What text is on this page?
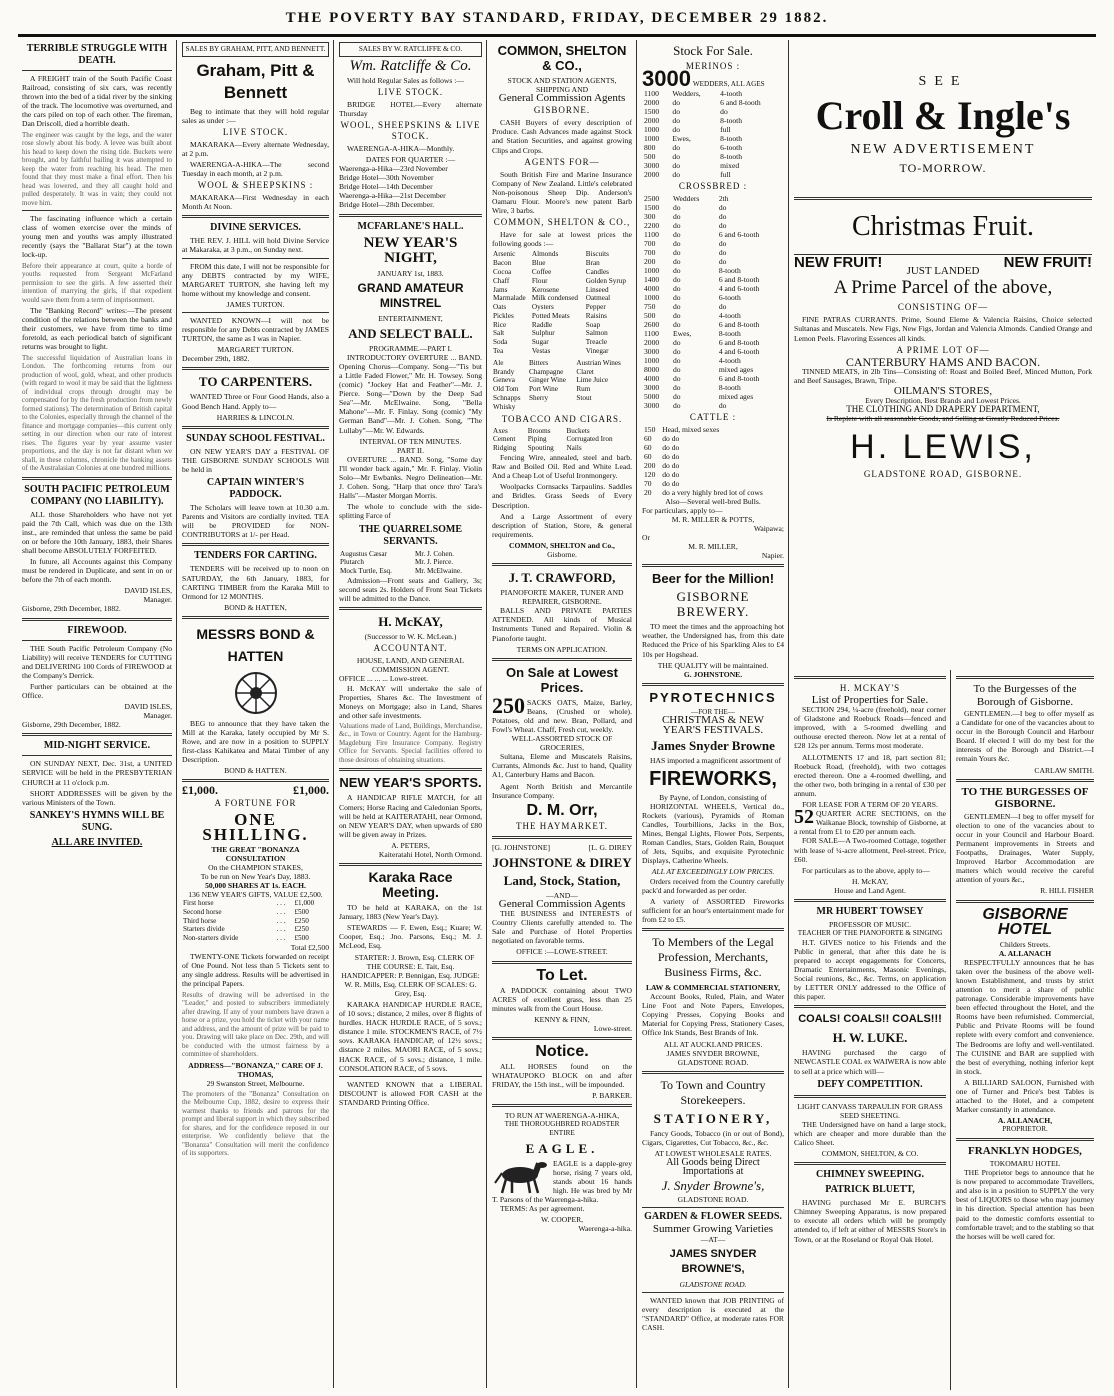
THE POVERTY BAY STANDARD, FRIDAY, DECEMBER 29 1882.
TERRIBLE STRUGGLE WITH DEATH.

A FREIGHT train of the South Pacific Coast Railroad, consisting of six cars, was recently thrown into the bed of a tidal river by the sinking of the track. The locomotive was overturned, and the cars piled on top of each other. The fireman, Dan Driscoll, died a horrible death.

The engineer was caught by the legs, and the water rose slowly about his body. A levee was built about his head to keep down the rising tide. Buckets were brought, and by faithful bailing it was attempted to keep the water from reaching his head. The men found that they must make a final effort. Then his head was lowered, and they all caught hold and pulled desperately. It was in vain; they could not move him.

The fascinating influence which a certain class of women exercise over the minds of young men and youths was amply illustrated recently (says the "Ballarat Star") at the town lock-up.

Before their appearance at court, quite a horde of youths requested from Sergeant McFarland permission to see the girls. A few asserted their intention of marrying the girls, if that expedient would save them from a term of imprisonment.

The "Banking Record" writes:—The present condition of the relations between the banks and their customers, we have from time to time foretold, as each periodical batch of significant returns was brought to light.

The successful liquidation of Australian loans in London. The forthcoming returns from our production of wool, gold, wheat, and other products (with regard to wool it may be said that the lightness of individual crops through drought may be compensated for by the fresh production from newly formed stations). The determination of British capital to the Colonies, especially through the channel of the finance and mortgage companies—this current only setting in our direction when our rate of interest rises. The figures year by year assume vaster proportions, and the day is not far distant when we shall, in these columns, chronicle the banking assets of the Australasian Colonies at one hundred millions.
SOUTH PACIFIC PETROLEUM COMPANY (NO LIABILITY).

ALL those Shareholders who have not yet paid the 7th Call, which was due on the 13th inst., are reminded that unless the same be paid on or before the 10th January, 1883, their Shares shall become ABSOLUTELY FORFEITED.

In future, all Accounts against this Company must be rendered in Duplicate, and sent in on or before the 7th of each month.

DAVID ISLES,
Manager.
Gisborne, 29th December, 1882.
FIREWOOD.

THE South Pacific Petroleum Company (No Liability) will receive TENDERS for CUTTING and DELIVERING 100 Cords of FIREWOOD at the Company's Derrick.

Further particulars can be obtained at the Office.

DAVID ISLES,
Manager.
Gisborne, 29th December, 1882.
MID-NIGHT SERVICE.

ON SUNDAY NEXT, Dec. 31st, a UNITED SERVICE will be held in the PRESBYTERIAN CHURCH at 11 o'clock p.m.

SHORT ADDRESSES will be given by the various Ministers of the Town.

SANKEY'S HYMNS WILL BE SUNG.
ALL ARE INVITED.
SALES BY GRAHAM, PITT, AND BENNETT.
Graham, Pitt & Bennett

Beg to intimate that they will hold regular sales as under :—

LIVE STOCK.

MAKARAKA—Every alternate Wednesday, at 2 p.m.

WAERENGA-A-HIKA—The second Tuesday in each month, at 2 p.m.

WOOL & SHEEPSKINS :

MAKARAKA—First Wednesday in each Month At Noon.

DIVINE SERVICES.

THE REV. J. HILL will hold Divine Service at Makaraka, at 3 p.m., on Sunday next.

FROM this date, I will not be responsible for any DEBTS contracted by my WIFE, MARGARET TURTON, she having left my home without my knowledge and consent.

JAMES TURTON.

WANTED KNOWN—I will not be responsible for any Debts contracted by JAMES TURTON, the same as I was in Napier.

MARGARET TURTON.
December 29th, 1882.
TO CARPENTERS.

WANTED Three or Four Good Hands, also a Good Bench Hand. Apply to—

HARRIES & LINCOLN.
SUNDAY SCHOOL FESTIVAL.

ON NEW YEAR'S DAY a FESTIVAL OF THE GISBORNE SUNDAY SCHOOLS Will be held in

CAPTAIN WINTER'S PADDOCK.

The Scholars will leave town at 10.30 a.m. Parents and Visitors are cordially invited. TEA will be PROVIDED for NON-CONTRIBUTORS at 1/- per Head.

TENDERS FOR CARTING.

TENDERS will be received up to noon on SATURDAY, the 6th January, 1883, for CARTING TIMBER from the Karaka Mill to Ormond for 12 MONTHS.

BOND & HATTEN,
MESSRS BOND & HATTEN

BEG to announce that they have taken the Mill at the Karaka, lately occupied by Mr S. Rowe, and are now in a position to SUPPLY first-class Kahikatea and Matai Timber of any Description.

BOND & HATTEN.
£1,000.	£1,000.
A FORTUNE FOR
ONE SHILLING.
THE GREAT "BONANZA CONSULTATION
On the CHAMPION STAKES,
To be run on New Year's Day, 1883.
50,000 SHARES AT 1s. EACH.
136 NEW YEAR'S GIFTS, VALUE £2,500.
First horse	. . .	£1,000
Second horse	. . .	£500
Third horse	. . .	£250
Starters divide	. . .	£250
Non-starters divide	. . .	£500
Total £2,500

TWENTY-ONE Tickets forwarded on receipt of One Pound. Not less than 5 Tickets sent to any single address. Results will be advertised in the principal Papers.

Results of drawing will be advertised in the "Leader," and posted to subscribers immediately after drawing. If any of your numbers have drawn a horse or a prize, you hold the ticket with your name and address, and the amount of prize will be paid to you. Drawing will take place on Dec. 29th, and will be conducted with the utmost fairness by a committee of shareholders.
ADDRESS—"BONANZA," CARE OF J. THOMAS,
29 Swanston Street, Melbourne.
The promoters of the "Bonanza" Consultation on the Melbourne Cup, 1882, desire to express their warmest thanks to friends and patrons for the prompt and liberal support in which they subscribed for shares, and for the confidence reposed in our enterprise. We confidently believe that the "Bonanza" Consultation will merit the confidence of its supporters.
SALES BY W. RATCLIFFE & CO.
Wm. Ratcliffe & Co.

Will hold Regular Sales as follows :—

LIVE STOCK.

BRIDGE HOTEL—Every alternate Thursday

WOOL, SHEEPSKINS & LIVE STOCK.

WAERENGA-A-HIKA—Monthly.

DATES FOR QUARTER :—
Waerenga-a-Hika—23rd November
Bridge Hotel—30th November
Bridge Hotel—14th December
Waerenga-a-Hika—21st December
Bridge Hotel—28th December.
MCFARLANE'S HALL.
NEW YEAR'S NIGHT,
JANUARY 1st, 1883.
GRAND AMATEUR MINSTREL
ENTERTAINMENT,
AND SELECT BALL.
PROGRAMME.—PART I.

INTRODUCTORY OVERTURE ... BAND. Opening Chorus—Company. Song—"Tis but a Little Faded Flower," Mr. H. Towsey. Song (comic) "Jockey Hat and Feather"—Mr. J. Pierce. Song—"Down by the Deep Sad Sea"—Mr. McElwaine. Song, "Bella Mahone"—Mr. F. Finlay. Song (comic) "My German Band"—Mr. J. Cohen. Song, "The Lullaby"—Mr. W. Edwards.

INTERVAL OF TEN MINUTES.
PART II.

OVERTURE ... BAND. Song, "Some day I'll wonder back again," Mr. F. Finlay. Violin Solo—Mr Ewbanks. Negro Delineation—Mr. J. Cohen. Song, "Harp that once thro' Tara's Halls"—Master Morgan Morris.

The whole to conclude with the side-splitting Farce of

THE QUARRELSOME SERVANTS.
Augustus Cæsar	Mr. J. Cohen.
Plutarch	Mr. J. Pierce.
Mock Turtle, Esq.	Mr. McElwaine.

Admission—Front seats and Gallery, 3s; second seats 2s. Holders of Front Seat Tickets will be admitted to the Dance.

H. McKAY,
(Successor to W. K. McLean.)
ACCOUNTANT.
HOUSE, LAND, AND GENERAL COMMISSION AGENT.
OFFICE ... ... ... Lowe-street.

H. McKAY will undertake the sale of Properties, Shares &c. The Investment of Moneys on Mortgage; also in Land, Shares and other safe investments.

Valuations made of Land, Buildings, Merchandise, &c., in Town or Country. Agent for the Hamburg-Magdeburg Fire Insurance Company. Registry Office for Servants. Special facilities offered to those desirous of obtaining situations.
NEW YEAR'S SPORTS.

A HANDICAP RIFLE MATCH, for all Comers; Horse Racing and Caledonian Sports, will be held at KAITERATAHI, near Ormond, on NEW YEAR'S DAY, when upwards of £80 will be given away in Prizes.

A. PETERS,
Kaiteratahi Hotel, North Ormond.
Karaka Race Meeting.

TO be held at KARAKA, on the 1st January, 1883 (New Year's Day).

STEWARDS — F. Ewen, Esq.; Kuare; W. Cooper, Esq.; Jno. Parsons, Esq.; M. J. McLeod, Esq.

STARTER: J. Brown, Esq. CLERK OF THE COURSE: E. Tait, Esq. HANDICAPPER: P. Bennigan, Esq. JUDGE: W. R. Mills, Esq. CLERK OF SCALES: G. Grey, Esq.

KARAKA HANDICAP HURDLE RACE, of 10 sovs.; distance, 2 miles, over 8 flights of hurdles. HACK HURDLE RACE, of 5 sovs.; distance 1 mile. STOCKMEN'S RACE, of 7½ sovs. KARAKA HANDICAP, of 12½ sovs.; distance 2 miles. MAORI RACE, of 5 sovs.; HACK RACE, of 5 sovs.; distance, 1 mile. CONSOLATION RACE, of 5 sovs.

WANTED KNOWN that a LIBERAL DISCOUNT is allowed FOR CASH at the STANDARD Printing Office.

COMMON, SHELTON & CO.,
STOCK AND STATION AGENTS, SHIPPING AND
General Commission Agents
GISBORNE.

CASH Buyers of every description of Produce. Cash Advances made against Stock and Station Securities, and against growing Clips and Crops.

AGENTS FOR—

South British Fire and Marine Insurance Company of New Zealand. Little's celebrated Non-poisonous Sheep Dip. Anderson's Oamaru Flour. Moore's new patent Barb Wire, 3 barbs.

COMMON, SHELTON & CO.,

Have for sale at lowest prices the following goods :—

Arsenic	Almonds	Biscuits
Bacon	Blue	Bran
Cocoa	Coffee	Candles
Chaff	Flour	Golden Syrup
Jams	Kerosene	Linseed
Marmalade	Milk condensed	Oatmeal
Oats	Oysters	Pepper
Pickles	Potted Meats	Raisins
Rice	Raddle	Soap
Salt	Sulphur	Salmon
Soda	Sugar	Treacle
Tea	Vestas	Vinegar
Ale	Bitters	Austrian Wines
Brandy	Champagne	Claret
Geneva	Ginger Wine	Lime Juice
Old Tom	Port Wine	Rum
Schnapps	Sherry	Stout
Whisky		
TOBACCO AND CIGARS.
Axes	Brooms	Buckets
Cement	Piping	Corrugated Iron
Ridging	Spouting	Nails

Fencing Wire, annealed, steel and barb. Raw and Boiled Oil. Red and White Lead. And a Cheap Lot of Useful Ironmongery.

Woolpacks Cornsacks Tarpaulins. Saddles and Bridles. Grass Seeds of Every Description.

And a Large Assortment of every description of Station, Store, & general requirements.

COMMON, SHELTON and Co.,
Gisborne.
J. T. CRAWFORD,
PIANOFORTE MAKER, TUNER AND REPAIRER, GISBORNE.

BALLS AND PRIVATE PARTIES ATTENDED. All kinds of Musical Instruments Tuned and Repaired. Violin & Pianoforte taught.

TERMS ON APPLICATION.
On Sale at Lowest Prices.
250 SACKS OATS, Maize, Barley, Beans, (Crushed or whole). Potatoes, old and new. Bran, Pollard, and Fowl's Wheat. Chaff, Fresh cut, weekly.
WELL-ASSORTED STOCK OF GROCERIES,

Sultana, Eleme and Muscatels Raisins, Currants, Almonds &c. Just to hand, Quality A1, Canterbury Hams and Bacon.

Agent North British and Mercantile Insurance Company.

D. M. Orr,
THE HAYMARKET.
[G. JOHNSTONE]	[L. G. DIREY
JOHNSTONE & DIREY
Land, Stock, Station,
—AND—
General Commission Agents

THE BUSINESS and INTERESTS of Country Clients carefully attended to. The Sale and Purchase of Hotel Properties negotiated on favorable terms.

OFFICE :—LOWE-STREET.
To Let.

A PADDOCK containing about TWO ACRES of excellent grass, less than 25 minutes walk from the Court House.

KENNY & FINN,
Lowe-street.
Notice.

ALL HORSES found on the WHATAUPOKO BLOCK on and after FRIDAY, the 15th inst., will be impounded.

P. BARKER.
TO RUN AT WAERENGA-A-HIKA,
THE THOROUGHBRED ROADSTER ENTIRE
EAGLE.
EAGLE is a dapple-grey horse, rising 7 years old, stands about 16 hands high. He was bred by Mr T. Parsons of the Waerenga-a-hika.

TERMS: As per agreement.

W. COOPER,
Waerenga-a-hika.
Stock For Sale.
MERINOS :
3000 WEDDERS, ALL AGES
1100	Wedders,	4-tooth
2000	do	6 and 8-tooth
1500	do	do
2000	do	8-tooth
1000	do	full
1000	Ewes,	8-tooth
800	do	6-tooth
500	do	8-tooth
3000	do	mixed
2000	do	full
CROSSBRED :
2500	Wedders	2th
1500	do	do
300	do	do
2200	do	do
1100	do	6 and 6-tooth
700	do	do
700	do	do
200	do	do
1000	do	8-tooth
1400	do	6 and 8-tooth
4000	do	4 and 6-tooth
1000	do	6-tooth
750	do	do
500	do	4-tooth
2600	do	6 and 8-tooth
1100	Ewes,	8-tooth
2000	do	6 and 8-tooth
3000	do	4 and 6-tooth
1000	do	4-tooth
8000	do	mixed ages
4000	do	6 and 8-tooth
3000	do	8-tooth
5000	do	mixed ages
3000	do	do
CATTLE :
150	Head, mixed sexes
60	do do
60	do do
60	do do
200	do do
120	do do
70	do do
20	do a very highly bred lot of cows
Also—Several well-bred Bulls.
For particulars, apply to—
M. R. MILLER & POTTS,
Waipawa;
Or
M. R. MILLER,
Napier.
Beer for the Million!
GISBORNE BREWERY.

TO meet the times and the approaching hot weather, the Undersigned has, from this date Reduced the Price of his Sparkling Ales to £4 10s per Hogshead.

THE QUALITY will be maintained.
G. JOHNSTONE.
PYROTECHNICS
—FOR THE—
CHRISTMAS & NEW YEAR'S FESTIVALS.
James Snyder Browne

HAS imported a magnificent assortment of

FIREWORKS,
By Payne, of London, consisting of

HORIZONTAL WHEELS, Vertical do., Rockets (various), Pyramids of Roman Candles, Tourbillions, Jacks in the Box, Mines, Bengal Lights, Flower Pots, Serpents, Roman Candles, Stars, Golden Rain, Bouquet of Jets, Squibs, and exquisite Pyrotechnic Displays, Catherine Wheels.

ALL AT EXCEEDINGLY LOW PRICES.

Orders received from the Country carefully pack'd and forwarded as per order.

A variety of ASSORTED Fireworks sufficient for an hour's entertainment made for from £2 to £5.

To Members of the Legal Profession, Merchants, Business Firms, &c.
LAW & COMMERCIAL STATIONERY,

Account Books, Ruled, Plain, and Water Line Foot and Note Papers, Envelopes, Copying Presses, Copying Books and Material for Copying Press, Stationery Cases, Office Ink Stands, Best Brands of Ink.

ALL AT AUCKLAND PRICES.
JAMES SNYDER BROWNE,
GLADSTONE ROAD.
To Town and Country Storekeepers.
STATIONERY,

Fancy Goods, Tobacco (in or out of Bond), Cigars, Cigarettes, Cut Tobacco, &c., &c.

AT LOWEST WHOLESALE RATES.
All Goods being Direct Importations at
J. Snyder Browne's,
GLADSTONE ROAD.
GARDEN & FLOWER SEEDS.
Summer Growing Varieties
—AT—
JAMES SNYDER BROWNE'S,
GLADSTONE ROAD.

WANTED known that JOB PRINTING of every description is executed at the "STANDARD" Office, at moderate rates FOR CASH.

SEE
Croll & Ingle's
NEW ADVERTISEMENT
TO-MORROW.
Christmas Fruit.
NEW FRUIT!	NEW FRUIT!
JUST LANDED
A Prime Parcel of the above,
CONSISTING OF—

FINE PATRAS CURRANTS. Prime, Sound Eleme & Valencia Raisins, Choice selected Sultanas and Muscatels. New Figs, New Figs, Jordan and Valencia Almonds. Candied Orange and Lemon Peels. Flavoring Essences all kinds.

A PRIME LOT OF—
CANTERBURY HAMS AND BACON.

TINNED MEATS, in 2lb Tins—Consisting of: Roast and Boiled Beef, Minced Mutton, Pork and Beef Sausages, Brawn, Tripe.

OILMAN'S STORES,
Every Description, Best Brands and Lowest Prices.
THE CLOTHING AND DRAPERY DEPARTMENT,
Is Replete with all seasonable Goods, and Selling at Greatly Reduced Prices.
H. LEWIS,
GLADSTONE ROAD, GISBORNE.
H. MCKAY'S
List of Properties for Sale.

SECTION 294, ¼-acre (freehold), near corner of Gladstone and Roebuck Roads—fenced and improved, with a 5-roomed dwelling and outhouse erected thereon. Now let at a rental of £28 12s per annum. Terms most moderate.

ALLOTMENTS 17 and 18, part section 81; Roebuck Road, (freehold), with two cottages erected thereon. One a 4-roomed dwelling, and the other two, both bringing in a rental of £30 per annum.

FOR LEASE FOR A TERM OF 20 YEARS.
52 QUARTER ACRE SECTIONS, on the Waikanae Block, township of Gisborne, at a rental from £1 to £20 per annum each.

FOR SALE—A Two-roomed Cottage, together with lease of ¼-acre allotment, Peel-street. Price, £60.

For particulars as to the above, apply to—

H. McKAY,
House and Land Agent.
MR HUBERT TOWSEY
PROFESSOR OF MUSIC.
TEACHER OF THE PIANOFORTE & SINGING

H.T. GIVES notice to his Friends and the Public in general, that after this date he is prepared to accept engagements for Concerts, Dramatic Entertainments, Masonic Evenings, Social reunions, &c., &c. Terms, on application by LETTER ONLY addressed to the Office of this paper.

COALS! COALS!! COALS!!!
H. W. LUKE.

HAVING purchased the cargo of NEWCASTLE COAL ex WAIWERA is now able to sell at a price which will—

DEFY COMPETITION.
LIGHT CANVASS TARPAULIN FOR GRASS SEED SHEETING.

THE Undersigned have on hand a large stock, which are cheaper and more durable than the Calico Sheet.

COMMON, SHELTON, & CO.
CHIMNEY SWEEPING.
PATRICK BLUETT,

HAVING purchased Mr E. BURCH'S Chimney Sweeping Apparatus, is now prepared to execute all orders which will be promptly attended to, if left at either of MESSRS Store's in Town, or at the Roseland or Royal Oak Hotel.

To the Burgesses of the Borough of Gisborne.

GENTLEMEN.—I beg to offer myself as a Candidate for one of the vacancies about to occur in the Borough Council and Harbour Board. If elected I will do my best for the interests of the Borough and District.—I remain Yours &c.

CARLAW SMITH.
TO THE BURGESSES OF GISBORNE.

GENTLEMEN—I beg to offer myself for election to one of the vacancies about to occur in your Council and Harbour Board. Permanent improvements in Streets and Footpaths, Drainages, Water Supply, Improved Harbor Accommodation are matters which would receive the careful attention of yours &c.,

R. HILL FISHER
GISBORNE HOTEL
Childers Streets.
A. ALLANACH

RESPECTFULLY announces that he has taken over the business of the above well-known Establishment, and trusts by strict attention to merit a share of public patronage. Considerable improvements have been effected throughout the Hotel, and the Rooms have been refurnished. Commercial, Public and Private Rooms will be found replete with every comfort and convenience. The Bedrooms are lofty and well-ventilated. The CUISINE and BAR are supplied with the best of everything, nothing inferior kept in stock.

A BILLIARD SALOON, Furnished with one of Turner and Price's best Tables is attached to the Hotel, and a competent Marker constantly in attendance.

A. ALLANACH,
PROPRIETOR.
FRANKLYN HODGES,
TOKOMARU HOTEL

THE Proprietor begs to announce that he is now prepared to accommodate Travellers, and also is in a position to SUPPLY the very best of LIQUORS to those who may journey in his direction. Special attention has been paid to the domestic comforts essential to comfortable travel; and to the stabling so that the horses will be well cared for.
